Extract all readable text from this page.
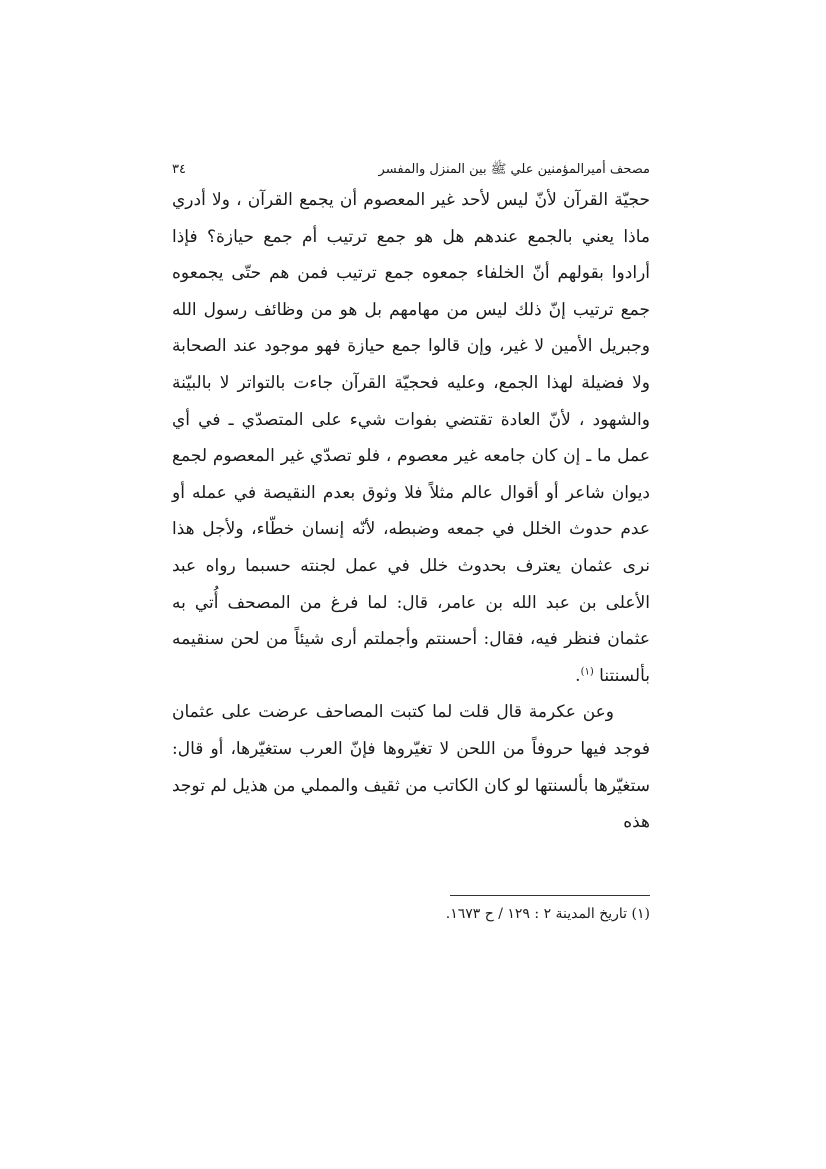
مصحف أميرالمؤمنين علي ﷺ بين المنزل والمفسر
٣٤

حجيّة القرآن لأنّ ليس لأحد غير المعصوم أن يجمع القرآن ، ولا أدري ماذا يعني بالجمع عندهم هل هو جمع ترتيب أم جمع حيازة؟ فإذا أرادوا بقولهم أنّ الخلفاء جمعوه جمع ترتيب فمن هم حتّى يجمعوه جمع ترتيب إنّ ذلك ليس من مهامهم بل هو من وظائف رسول الله وجبريل الأمين لا غير، وإن قالوا جمع حيازة فهو موجود عند الصحابة ولا فضيلة لهذا الجمع، وعليه فحجيّة القرآن جاءت بالتواتر لا بالبيّنة والشهود ، لأنّ العادة تقتضي بفوات شيء على المتصدّي ـ في أي عمل ما ـ إن كان جامعه غير معصوم ، فلو تصدّي غير المعصوم لجمع ديوان شاعر أو أقوال عالم مثلاً فلا وثوق بعدم النقيصة في عمله أو عدم حدوث الخلل في جمعه وضبطه، لأنّه إنسان خطّاء، ولأجل هذا نرى عثمان يعترف بحدوث خلل في عمل لجنته حسبما رواه عبد الأعلى بن عبد الله بن عامر، قال: لما فرغ من المصحف أُتي به عثمان فنظر فيه، فقال: أحسنتم وأجملتم أرى شيئاً من لحن سنقيمه بألسنتنا $^{(١)}$.

وعن عكرمة قال قلت لما كتبت المصاحف عرضت على عثمان فوجد فيها حروفاً من اللحن لا تغيّروها فإنّ العرب ستغيّرها، أو قال: ستغيّرها بألسنتها لو كان الكاتب من ثقيف والمملي من هذيل لم توجد هذه

(١) تاريخ المدينة ٢ : ١٢٩ / ح ١٦٧٣.
